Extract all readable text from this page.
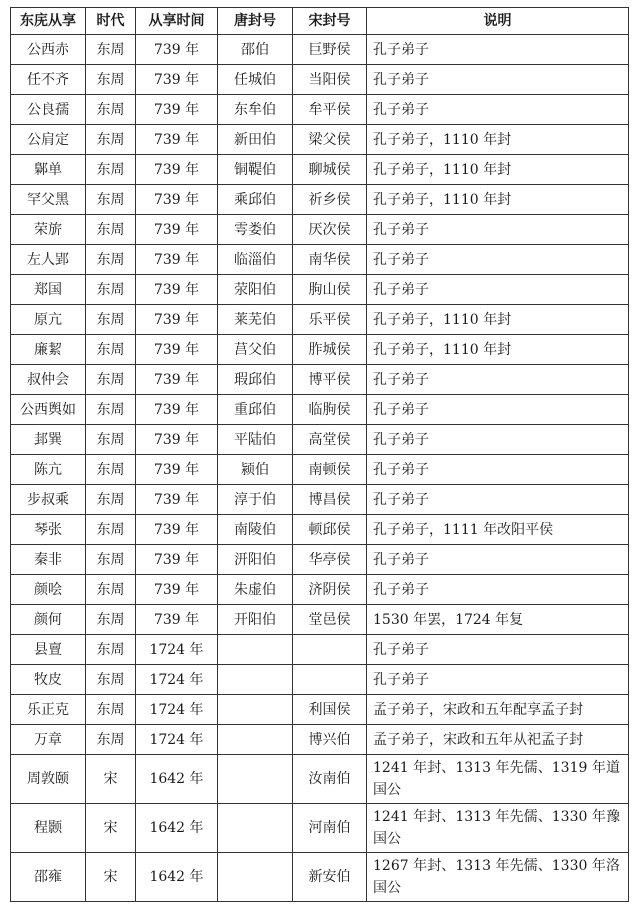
东庑从享	时代	从享时间	唐封号	宋封号	说明
公西赤	东周	739 年	邵伯	巨野侯	孔子弟子
任不齐	东周	739 年	任城伯	当阳侯	孔子弟子
公良孺	东周	739 年	东牟伯	牟平侯	孔子弟子
公肩定	东周	739 年	新田伯	梁父侯	孔子弟子，1110 年封
鄡单	东周	739 年	铜鞮伯	聊城侯	孔子弟子，1110 年封
罕父黑	东周	739 年	乘邱伯	祈乡侯	孔子弟子，1110 年封
荣旂	东周	739 年	雩娄伯	厌次侯	孔子弟子
左人郢	东周	739 年	临淄伯	南华侯	孔子弟子
郑国	东周	739 年	荥阳伯	朐山侯	孔子弟子
原亢	东周	739 年	莱芜伯	乐平侯	孔子弟子，1110 年封
廉絜	东周	739 年	莒父伯	胙城侯	孔子弟子，1110 年封
叔仲会	东周	739 年	瑕邱伯	博平侯	孔子弟子
公西舆如	东周	739 年	重邱伯	临朐侯	孔子弟子
邽巽	东周	739 年	平陆伯	高堂侯	孔子弟子
陈亢	东周	739 年	颍伯	南顿侯	孔子弟子
步叔乘	东周	739 年	淳于伯	博昌侯	孔子弟子
琴张	东周	739 年	南陵伯	顿邱侯	孔子弟子，1111 年改阳平侯
秦非	东周	739 年	汧阳伯	华亭侯	孔子弟子
颜哙	东周	739 年	朱虚伯	济阴侯	孔子弟子
颜何	东周	739 年	开阳伯	堂邑侯	1530 年罢，1724 年复
县亶	东周	1724 年			孔子弟子
牧皮	东周	1724 年			孔子弟子
乐正克	东周	1724 年		利国侯	孟子弟子，宋政和五年配享孟子封
万章	东周	1724 年		博兴伯	孟子弟子，宋政和五年从祀孟子封
周敦颐	宋	1642 年		汝南伯	1241 年封、1313 年先儒、1319 年道国公
程颢	宋	1642 年		河南伯	1241 年封、1313 年先儒、1330 年豫国公
邵雍	宋	1642 年		新安伯	1267 年封、1313 年先儒、1330 年洛国公
